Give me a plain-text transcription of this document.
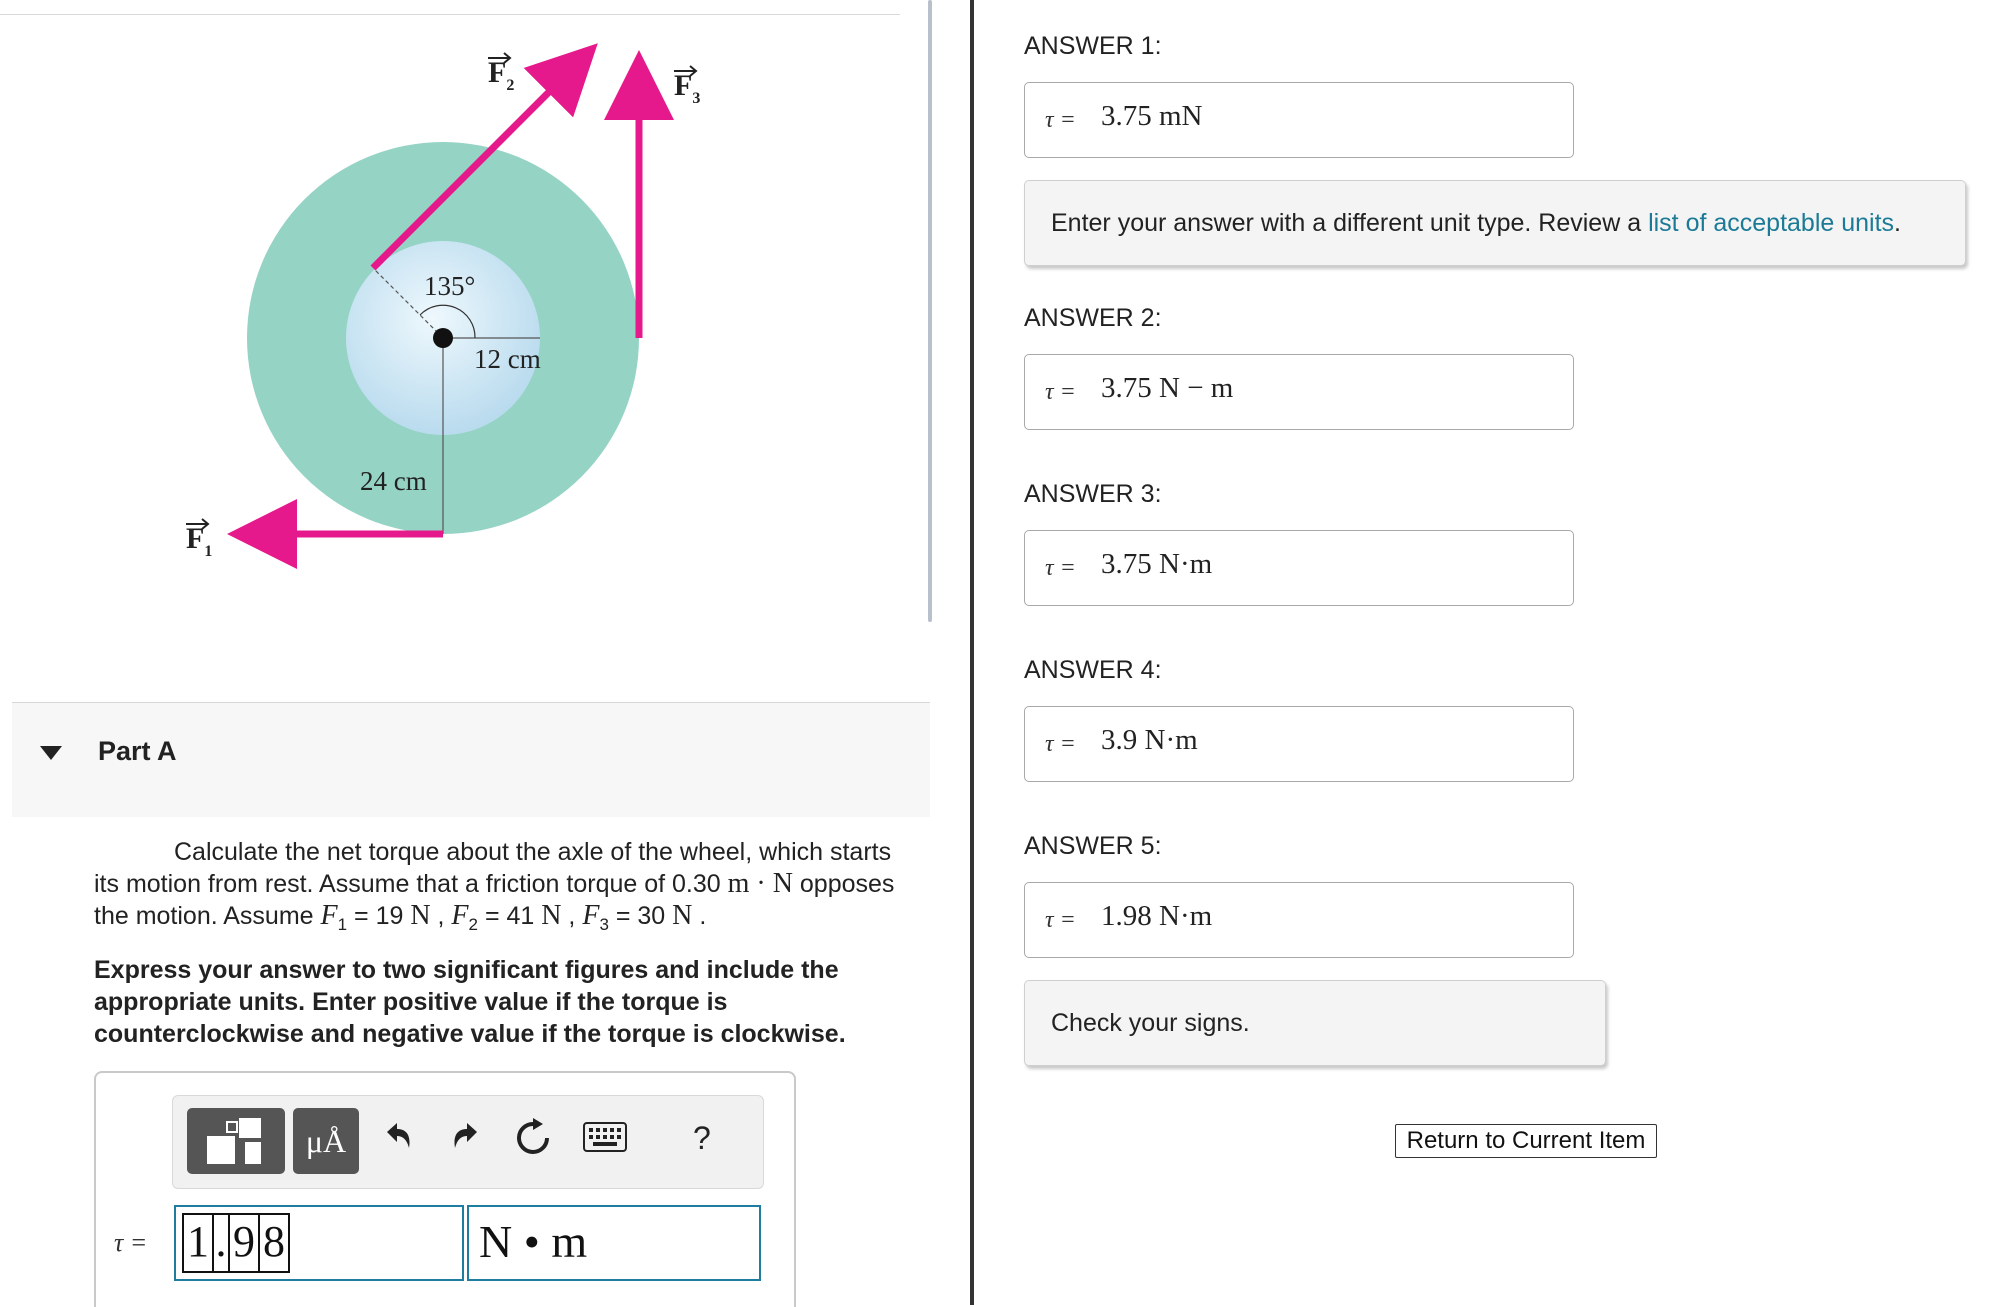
$F_2$	$F_3$
$F_1$
135°
12 cm
24 cm
Part A

Calculate the net torque about the axle of the wheel, which starts

its motion from rest. Assume that a friction torque of 0.30 m · N opposes

the motion. Assume $F_1 = 19$ N , $F_2 = 41$ N , $F_3 = 30$ N .

Express your answer to two significant figures and include the appropriate units. Enter positive value if the torque is counterclockwise and negative value if the torque is clockwise.
μÅ	?
τ = 1 . 9 8	N • m
ANSWER 1:
τ = 3.75 mN
Enter your answer with a different unit type. Review a list of acceptable units.
ANSWER 2:
τ = 3.75 N − m
ANSWER 3:
τ = 3.75 N·m
ANSWER 4:
τ = 3.9 N·m
ANSWER 5:
τ = 1.98 N·m
Check your signs.
Return to Current Item
